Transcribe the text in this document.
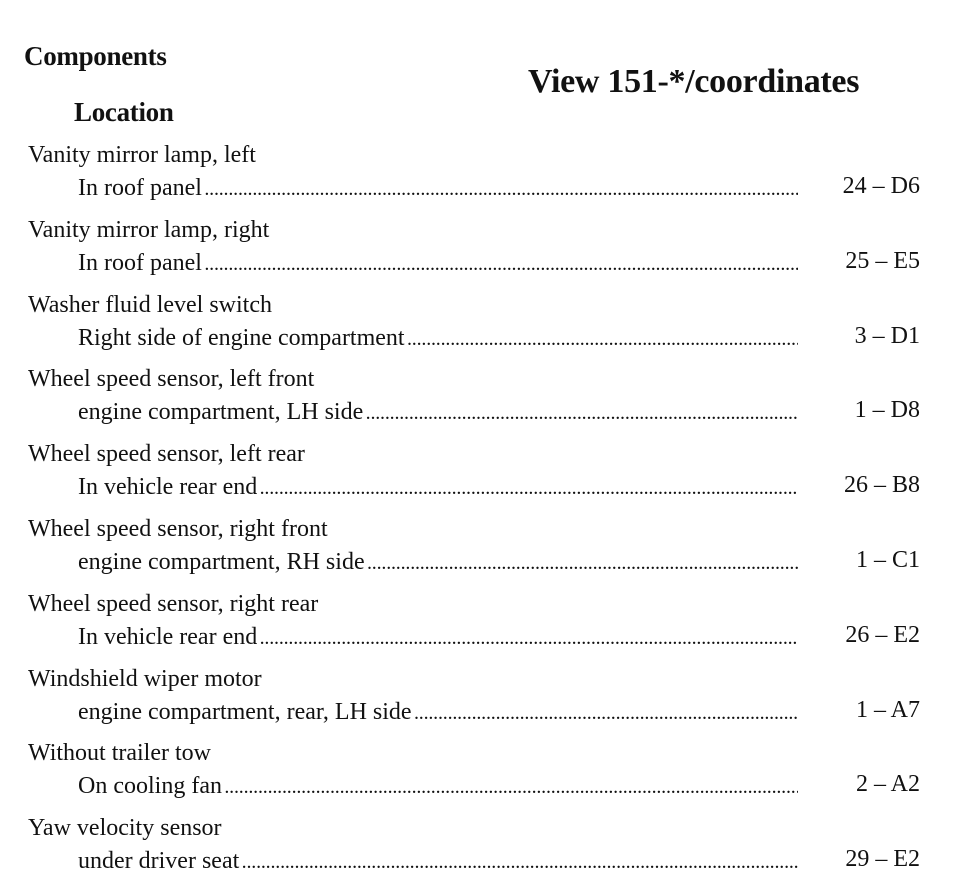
Components
Location
View 151-*/coordinates
Vanity mirror lamp, left
In roof panel . . .	24 – D6
Vanity mirror lamp, right
In roof panel . . .	25 – E5
Washer fluid level switch
Right side of engine compartment . . .	3 – D1
Wheel speed sensor, left front
engine compartment, LH side . . .	1 – D8
Wheel speed sensor, left rear
In vehicle rear end . . .	26 – B8
Wheel speed sensor, right front
engine compartment, RH side . . .	1 – C1
Wheel speed sensor, right rear
In vehicle rear end . . .	26 – E2
Windshield wiper motor
engine compartment, rear, LH side . . .	1 – A7
Without trailer tow
On cooling fan . . .	2 – A2
Yaw velocity sensor
under driver seat . . .	29 – E2
